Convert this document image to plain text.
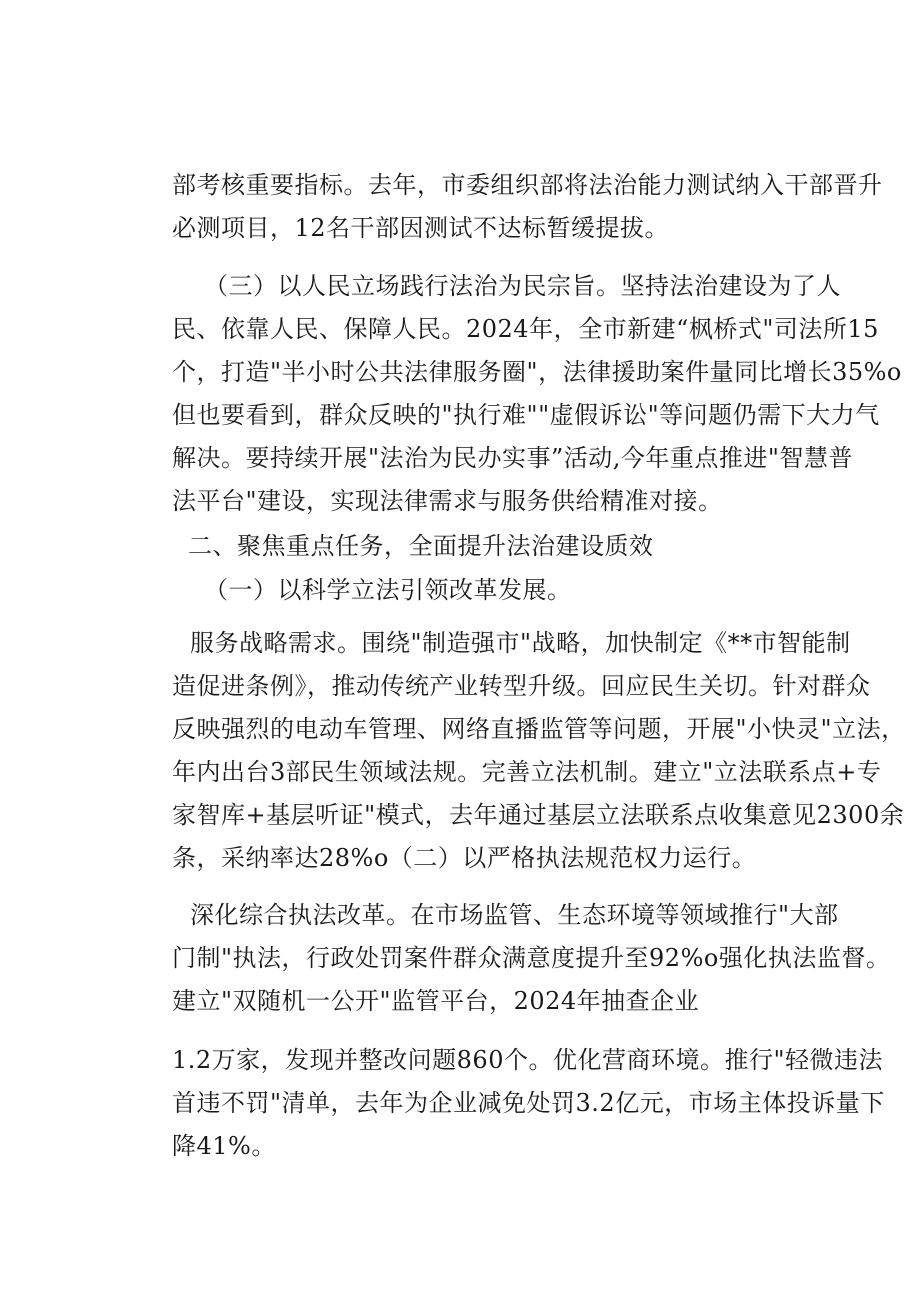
部考核重要指标。去年，市委组织部将法治能力测试纳入干部晋升
必测项目，12名干部因测试不达标暂缓提拔。
（三）以人民立场践行法治为民宗旨。坚持法治建设为了人
民、依靠人民、保障人民。2024年，全市新建“枫桥式"司法所15
个，打造"半小时公共法律服务圈"，法律援助案件量同比增长35%o
但也要看到，群众反映的"执行难""虚假诉讼"等问题仍需下大力气
解决。要持续开展"法治为民办实事”活动,今年重点推进"智慧普
法平台"建设，实现法律需求与服务供给精准对接。
二、聚焦重点任务，全面提升法治建设质效
（一）以科学立法引领改革发展。
服务战略需求。围绕"制造强市"战略，加快制定《**市智能制
造促进条例》，推动传统产业转型升级。回应民生关切。针对群众
反映强烈的电动车管理、网络直播监管等问题，开展"小快灵"立法，
年内出台3部民生领域法规。完善立法机制。建立"立法联系点+专
家智库+基层听证"模式，去年通过基层立法联系点收集意见2300余
条，采纳率达28%o（二）以严格执法规范权力运行。
深化综合执法改革。在市场监管、生态环境等领域推行"大部
门制"执法，行政处罚案件群众满意度提升至92%o强化执法监督。
建立"双随机一公开"监管平台，2024年抽查企业
1.2万家，发现并整改问题860个。优化营商环境。推行"轻微违法
首违不罚"清单，去年为企业减免处罚3.2亿元，市场主体投诉量下
降41%。
